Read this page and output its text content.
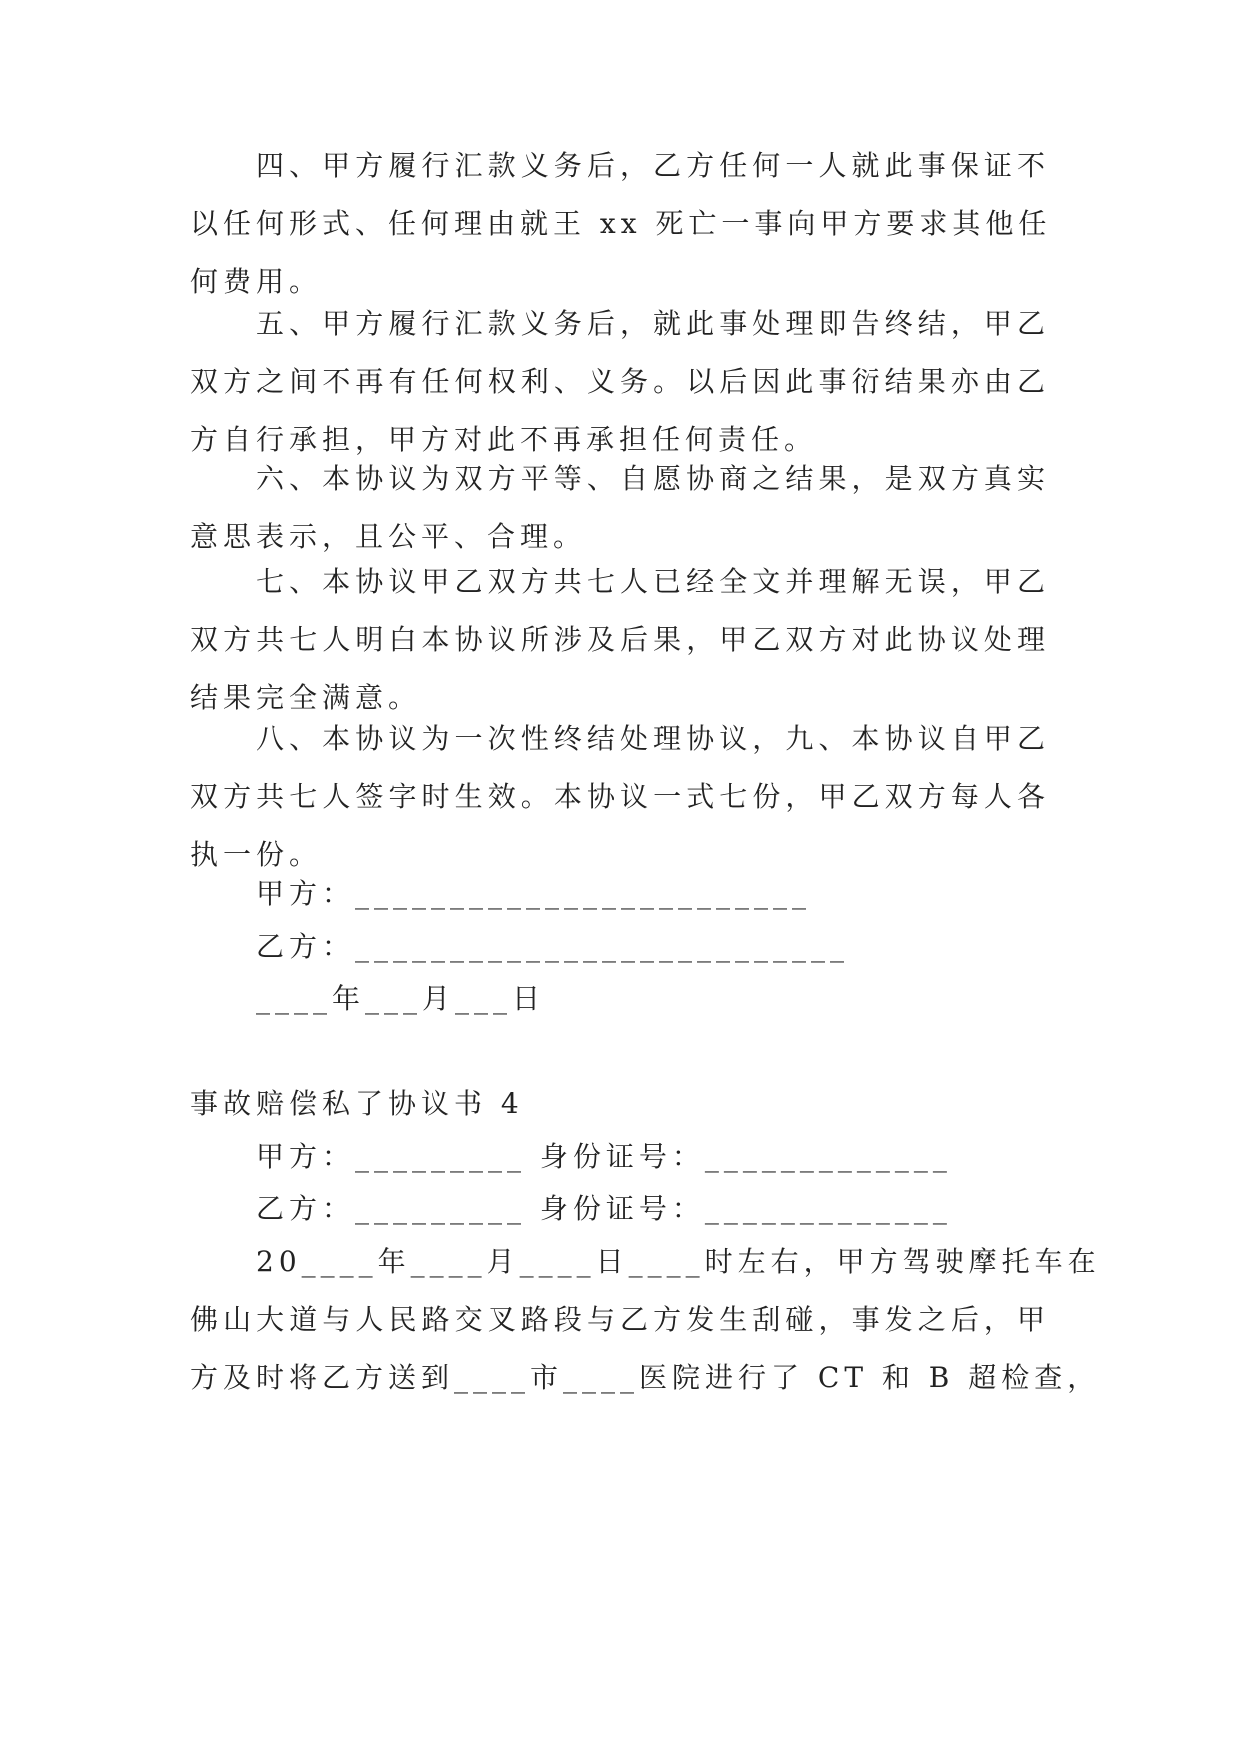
四、甲方履行汇款义务后，乙方任何一人就此事保证不
以任何形式、任何理由就王 xx 死亡一事向甲方要求其他任
何费用。
五、甲方履行汇款义务后，就此事处理即告终结，甲乙
双方之间不再有任何权利、义务。以后因此事衍结果亦由乙
方自行承担，甲方对此不再承担任何责任。
六、本协议为双方平等、自愿协商之结果，是双方真实
意思表示，且公平、合理。
七、本协议甲乙双方共七人已经全文并理解无误，甲乙
双方共七人明白本协议所涉及后果，甲乙双方对此协议处理
结果完全满意。
八、本协议为一次性终结处理协议，九、本协议自甲乙
双方共七人签字时生效。本协议一式七份，甲乙双方每人各
执一份。
甲方：________________________
乙方：__________________________
____年___月___日
事故赔偿私了协议书 4
甲方：_________ 身份证号：_____________
乙方：_________ 身份证号：_____________
20____年____月____日____时左右，甲方驾驶摩托车在
佛山大道与人民路交叉路段与乙方发生刮碰，事发之后，甲
方及时将乙方送到____市____医院进行了 CT 和 B 超检查，
